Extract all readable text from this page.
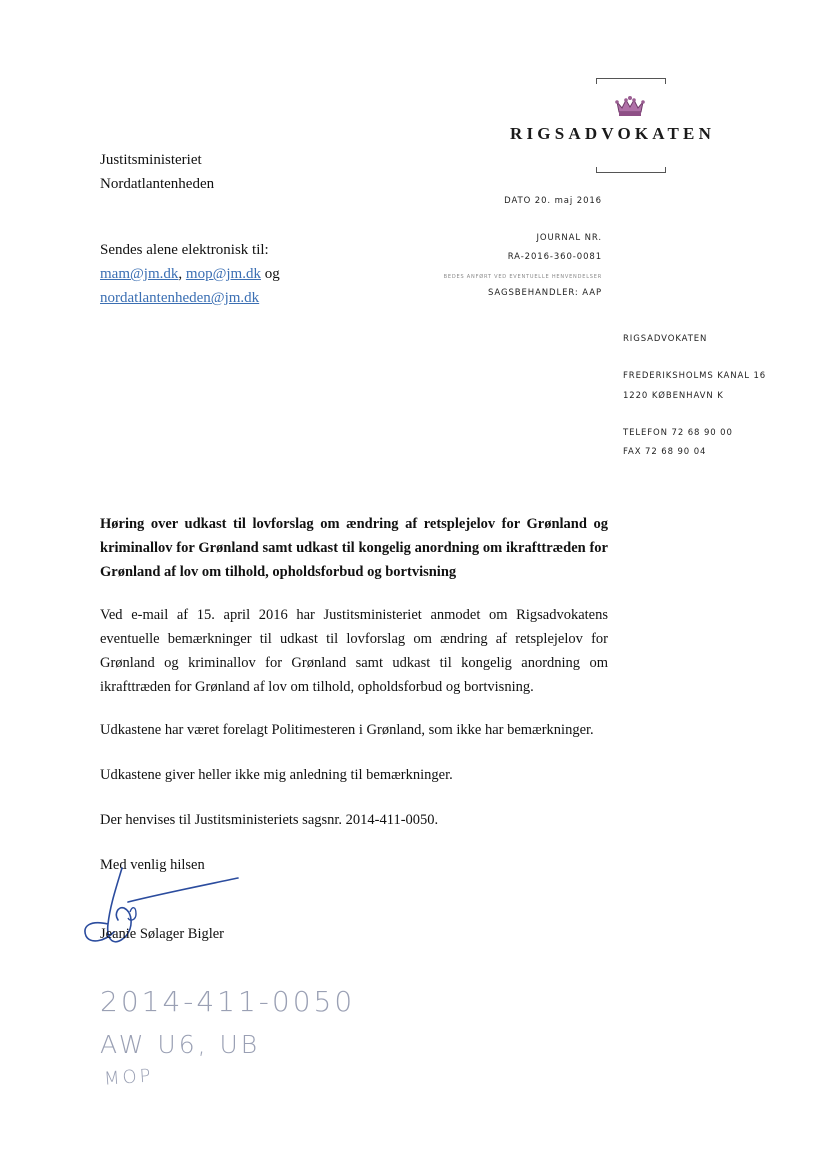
RIGSADVOKATEN
Justitsministeriet
Nordatlantenheden
Sendes alene elektronisk til:
mam@jm.dk, mop@jm.dk og
nordatlantenheden@jm.dk
DATO 20. maj 2016
JOURNAL NR.
RA-2016-360-0081
BEDES ANFØRT VED EVENTUELLE HENVENDELSER
SAGSBEHANDLER: AAP
RIGSADVOKATEN
FREDERIKSHOLMS KANAL 16
1220 KØBENHAVN K
TELEFON 72 68 90 00
FAX 72 68 90 04
Høring over udkast til lovforslag om ændring af retsplejelov for Grønland og kriminallov for Grønland samt udkast til kongelig anordning om ikrafttræden for Grønland af lov om tilhold, opholdsforbud og bortvisning
Ved e-mail af 15. april 2016 har Justitsministeriet anmodet om Rigsadvokatens eventuelle bemærkninger til udkast til lovforslag om ændring af retsplejelov for Grønland og kriminallov for Grønland samt udkast til kongelig anordning om ikrafttræden for Grønland af lov om tilhold, opholdsforbud og bortvisning.
Udkastene har været forelagt Politimesteren i Grønland, som ikke har bemærkninger.
Udkastene giver heller ikke mig anledning til bemærkninger.
Der henvises til Justitsministeriets sagsnr. 2014-411-0050.
Med venlig hilsen
Jeanie Sølager Bigler
2014-411-0050
AW U6, UB
MOP
